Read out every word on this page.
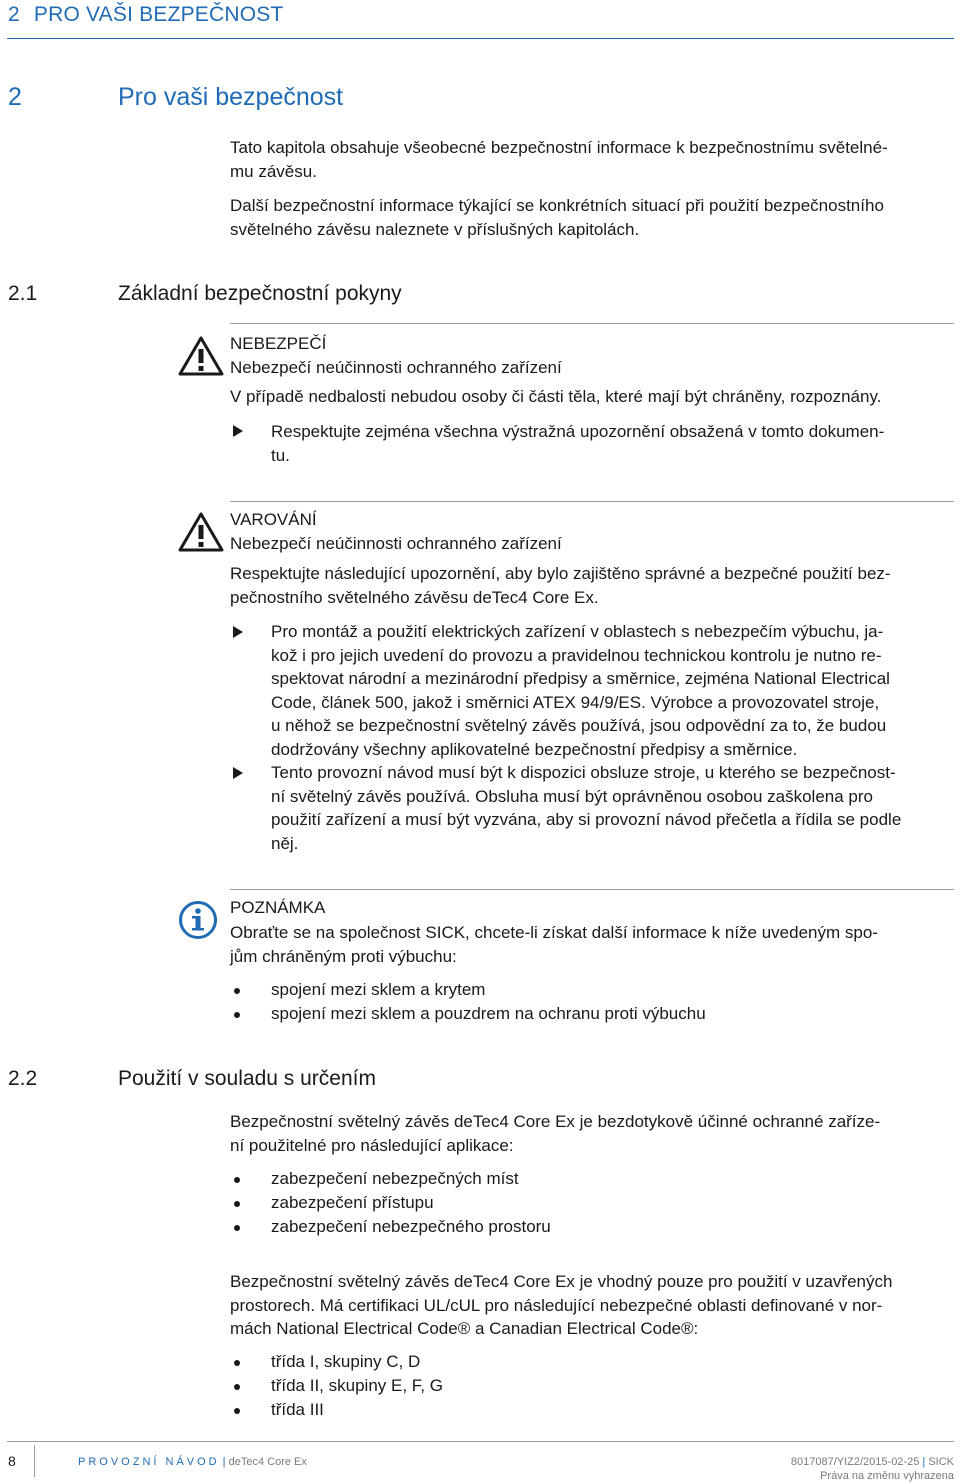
2 PRO VAŠI BEZPEČNOST
2	Pro vaši bezpečnost
Tato kapitola obsahuje všeobecné bezpečnostní informace k bezpečnostnímu světelné-
mu závěsu.
Další bezpečnostní informace týkající se konkrétních situací při použití bezpečnostního
světelného závěsu naleznete v příslušných kapitolách.
2.1	Základní bezpečnostní pokyny
NEBEZPEČÍ
Nebezpečí neúčinnosti ochranného zařízení
V případě nedbalosti nebudou osoby či části těla, které mají být chráněny, rozpoznány.
Respektujte zejména všechna výstražná upozornění obsažená v tomto dokumen-
tu.
VAROVÁNÍ
Nebezpečí neúčinnosti ochranného zařízení
Respektujte následující upozornění, aby bylo zajištěno správné a bezpečné použití bez-
pečnostního světelného závěsu deTec4 Core Ex.
Pro montáž a použití elektrických zařízení v oblastech s nebezpečím výbuchu, ja-
kož i pro jejich uvedení do provozu a pravidelnou technickou kontrolu je nutno re-
spektovat národní a mezinárodní předpisy a směrnice, zejména National Electrical
Code, článek 500, jakož i směrnici ATEX 94/9/ES. Výrobce a provozovatel stroje,
u něhož se bezpečnostní světelný závěs používá, jsou odpovědní za to, že budou
dodržovány všechny aplikovatelné bezpečnostní předpisy a směrnice.
Tento provozní návod musí být k dispozici obsluze stroje, u kterého se bezpečnost-
ní světelný závěs používá. Obsluha musí být oprávněnou osobou zaškolena pro
použití zařízení a musí být vyzvána, aby si provozní návod přečetla a řídila se podle
něj.
POZNÁMKA
Obraťte se na společnost SICK, chcete-li získat další informace k níže uvedeným spo-
jům chráněným proti výbuchu:
spojení mezi sklem a krytem
spojení mezi sklem a pouzdrem na ochranu proti výbuchu
2.2	Použití v souladu s určením
Bezpečnostní světelný závěs deTec4 Core Ex je bezdotykově účinné ochranné zaříze-
ní použitelné pro následující aplikace:
zabezpečení nebezpečných míst
zabezpečení přístupu
zabezpečení nebezpečného prostoru
Bezpečnostní světelný závěs deTec4 Core Ex je vhodný pouze pro použití v uzavřených
prostorech. Má certifikaci UL/cUL pro následující nebezpečné oblasti definované v nor-
mách National Electrical Code® a Canadian Electrical Code®:
třída I, skupiny C, D
třída II, skupiny E, F, G
třída III
8	PROVOZNÍ NÁVOD | deTec4 Core Ex	8017087/YIZ2/2015-02-25 | SICK
Práva na změnu vyhrazena
